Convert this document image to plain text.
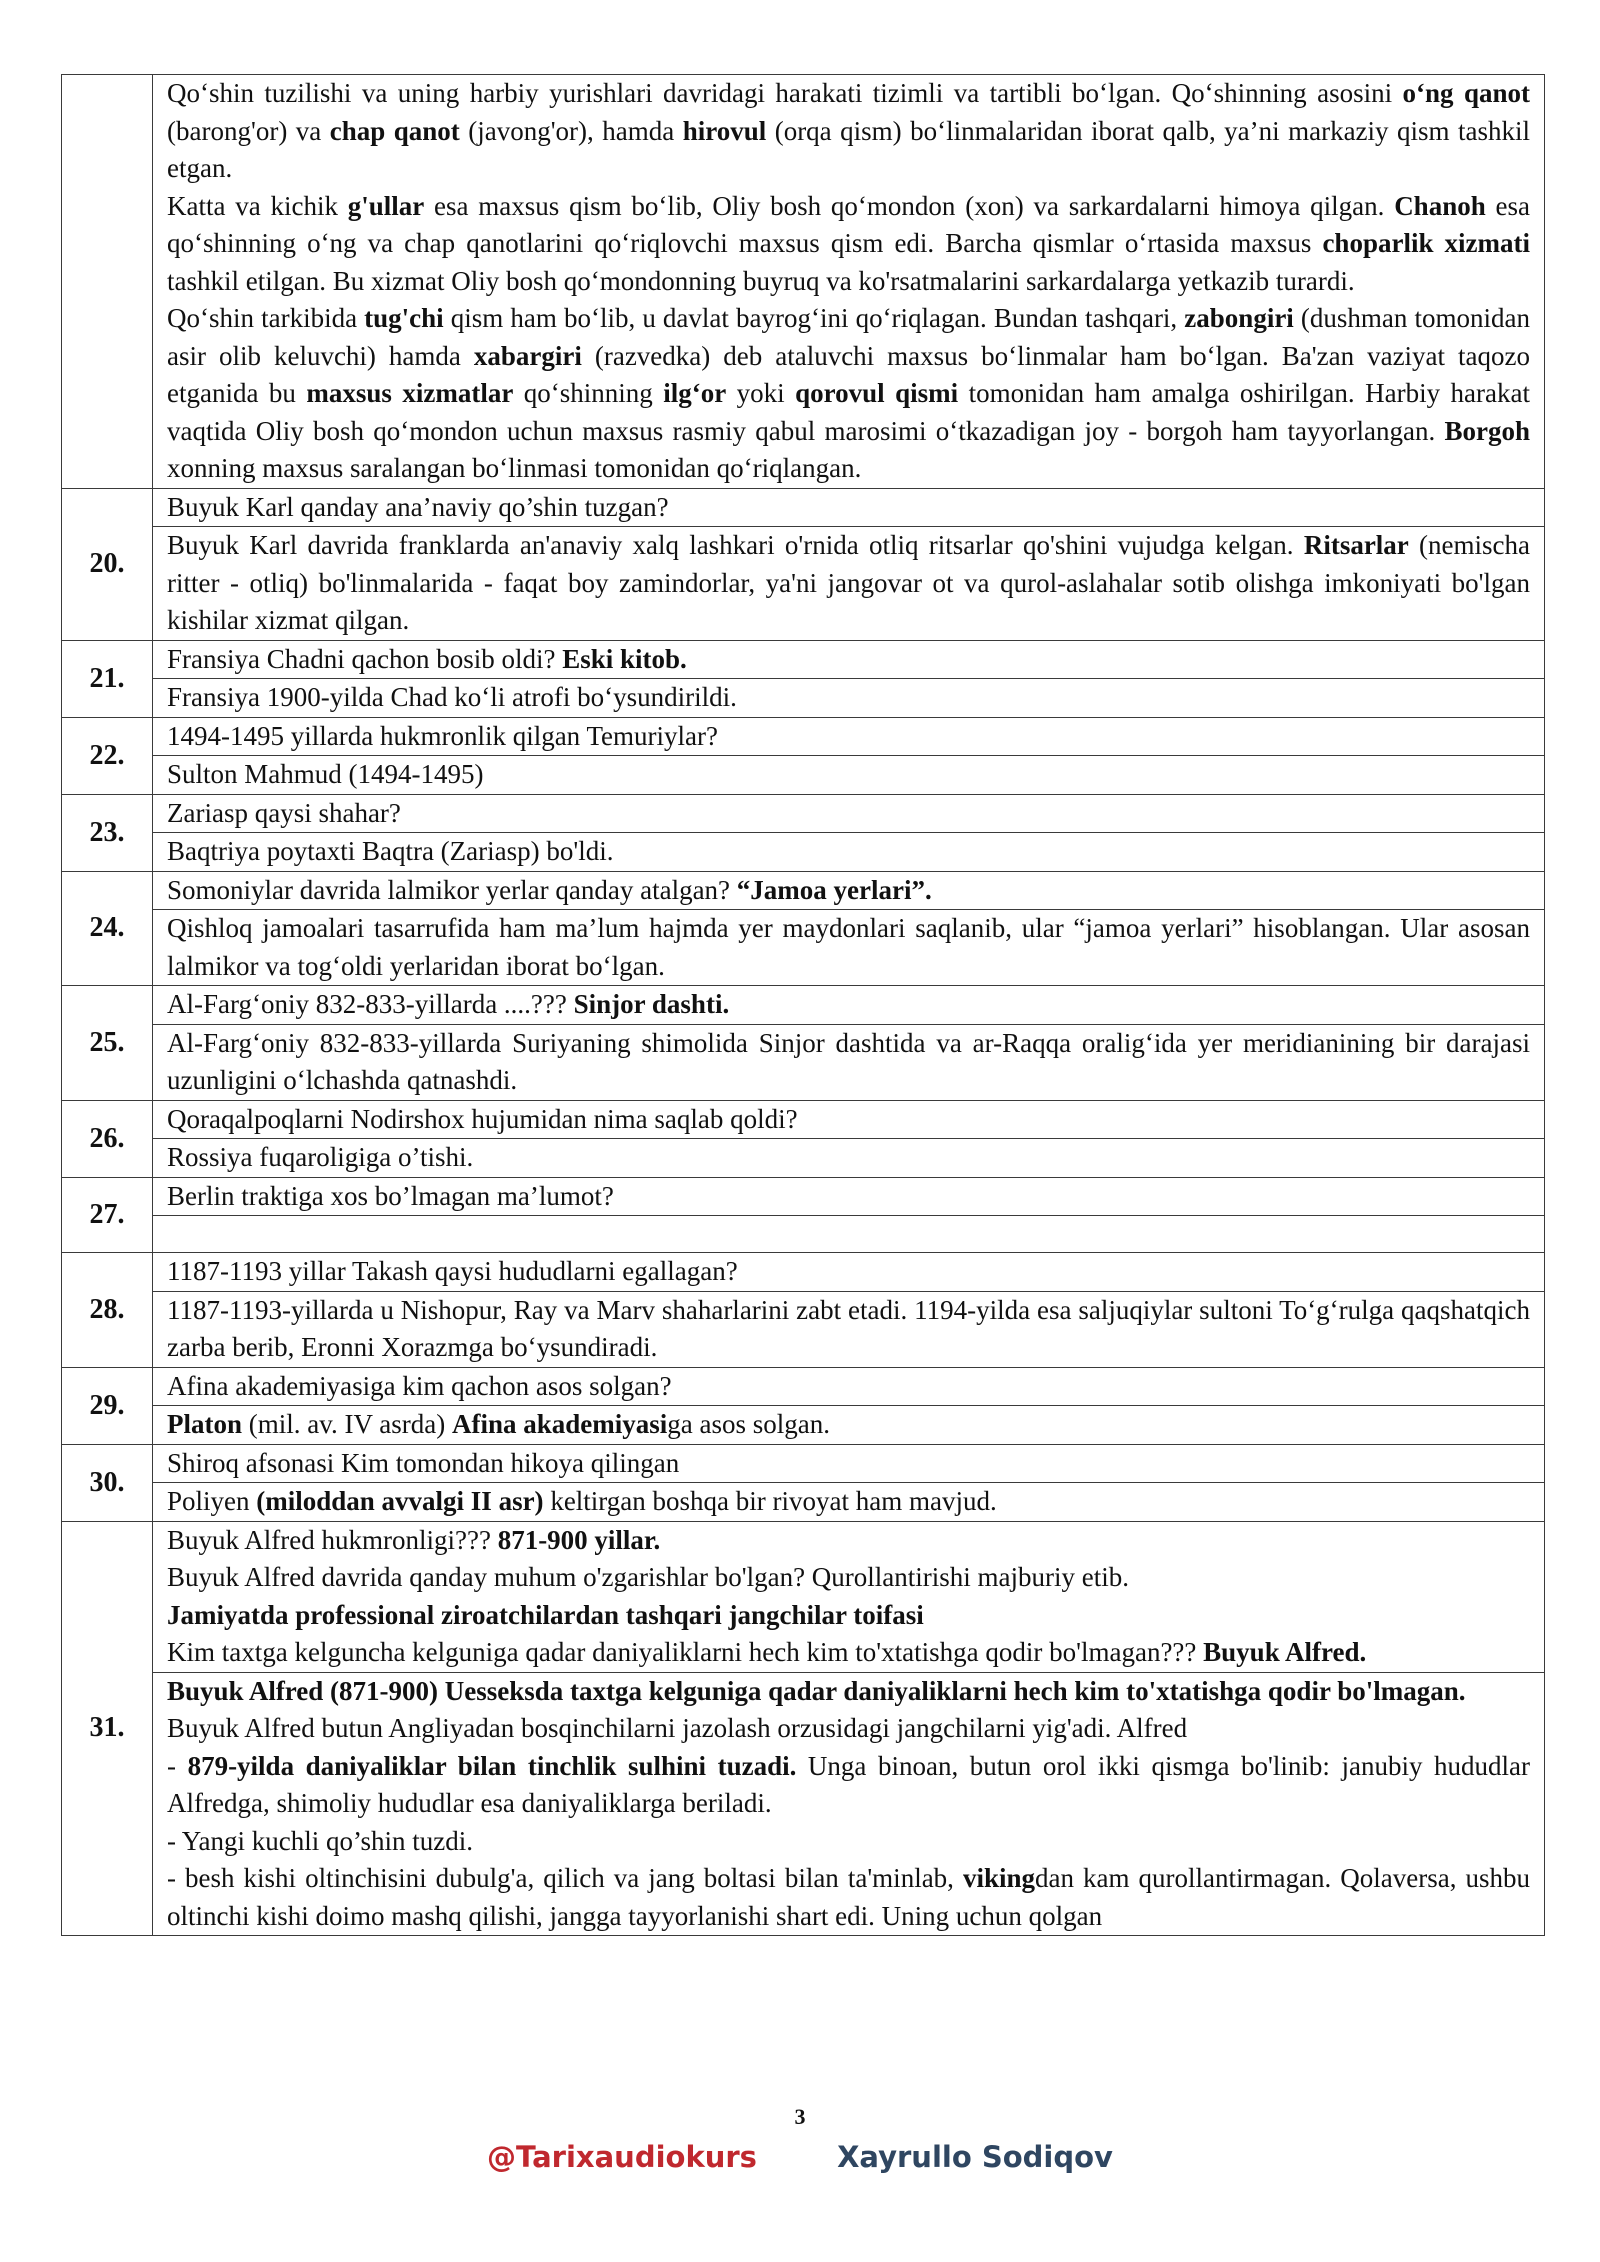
	Qo‘shin tuzilishi va uning harbiy yurishlari davridagi harakati tizimli va tartibli bo‘lgan. Qo‘shinning asosini o‘ng qanot (barong'or) va chap qanot (javong'or), hamda hirovul (orqa qism) bo‘linmalaridan iborat qalb, ya’ni markaziy qism tashkil etgan.
Katta va kichik g'ullar esa maxsus qism bo‘lib, Oliy bosh qo‘mondon (xon) va sarkardalarni himoya qilgan. Chanoh esa qo‘shinning o‘ng va chap qanotlarini qo‘riqlovchi maxsus qism edi. Barcha qismlar o‘rtasida maxsus choparlik xizmati tashkil etilgan. Bu xizmat Oliy bosh qo‘mondonning buyruq va ko'rsatmalarini sarkardalarga yetkazib turardi.
Qo‘shin tarkibida tug'chi qism ham bo‘lib, u davlat bayrog‘ini qo‘riqlagan. Bundan tashqari, zabongiri (dushman tomonidan asir olib keluvchi) hamda xabargiri (razvedka) deb ataluvchi maxsus bo‘linmalar ham bo‘lgan. Ba'zan vaziyat taqozo etganida bu maxsus xizmatlar qo‘shinning ilg‘or yoki qorovul qismi tomonidan ham amalga oshirilgan. Harbiy harakat vaqtida Oliy bosh qo‘mondon uchun maxsus rasmiy qabul marosimi o‘tkazadigan joy - borgoh ham tayyorlangan. Borgoh xonning maxsus saralangan bo‘linmasi tomonidan qo‘riqlangan.

20.	Buyuk Karl qanday ana’naviy qo’shin tuzgan?

	Buyuk Karl davrida franklarda an'anaviy xalq lashkari o'rnida otliq ritsarlar qo'shini vujudga kelgan. Ritsarlar (nemischa ritter - otliq) bo'linmalarida - faqat boy zamindorlar, ya'ni jangovar ot va qurol-aslahalar sotib olishga imkoniyati bo'lgan kishilar xizmat qilgan.

21.	Fransiya Chadni qachon bosib oldi? Eski kitob.

	Fransiya 1900-yilda Chad ko‘li atrofi bo‘ysundirildi.

22.	1494-1495 yillarda hukmronlik qilgan Temuriylar?

	Sulton Mahmud (1494-1495)

23.	Zariasp qaysi shahar?

	Baqtriya poytaxti Baqtra (Zariasp) bo'ldi.

24.	Somoniylar davrida lalmikor yerlar qanday atalgan? “Jamoa yerlari”.

	Qishloq jamoalari tasarrufida ham ma’lum hajmda yer maydonlari saqlanib, ular “jamoa yerlari” hisoblangan. Ular asosan lalmikor va tog‘oldi yerlaridan iborat bo‘lgan.

25.	Al-Farg‘oniy 832-833-yillarda ....??? Sinjor dashti.

	Al-Farg‘oniy 832-833-yillarda Suriyaning shimolida Sinjor dashtida va ar-Raqqa oralig‘ida yer meridianining bir darajasi uzunligini o‘lchashda qatnashdi.

26.	Qoraqalpoqlarni Nodirshox hujumidan nima saqlab qoldi?

	Rossiya fuqaroligiga o’tishi.

27.	Berlin traktiga xos bo’lmagan ma’lumot?

28.	1187-1193 yillar Takash qaysi hududlarni egallagan?

	1187-1193-yillarda u Nishopur, Ray va Marv shaharlarini zabt etadi. 1194-yilda esa saljuqiylar sultoni To‘g‘rulga qaqshatqich zarba berib, Eronni Xorazmga bo‘ysundiradi.

29.	Afina akademiyasiga kim qachon asos solgan?

	Platon (mil. av. IV asrda) Afina akademiyasiga asos solgan.

30.	Shiroq afsonasi Kim tomondan hikoya qilingan

	Poliyen (miloddan avvalgi II asr) keltirgan boshqa bir rivoyat ham mavjud.

31.	Buyuk Alfred hukmronligi??? 871-900 yillar.
Buyuk Alfred davrida qanday muhum o'zgarishlar bo'lgan? Qurollantirishi majburiy etib.
Jamiyatda professional ziroatchilardan tashqari jangchilar toifasi
Kim taxtga kelguncha kelguniga qadar daniyaliklarni hech kim to'xtatishga qodir bo'lmagan??? Buyuk Alfred.

	Buyuk Alfred (871-900) Uesseksda taxtga kelguniga qadar daniyaliklarni hech kim to'xtatishga qodir bo'lmagan.
Buyuk Alfred butun Angliyadan bosqinchilarni jazolash orzusidagi jangchilarni yig'adi. Alfred
- 879-yilda daniyaliklar bilan tinchlik sulhini tuzadi. Unga binoan, butun orol ikki qismga bo'linib: janubiy hududlar Alfredga, shimoliy hududlar esa daniyaliklarga beriladi.
- Yangi kuchli qo’shin tuzdi.
- besh kishi oltinchisini dubulg'a, qilich va jang boltasi bilan ta'minlab, vikingdan kam qurollantirmagan. Qolaversa, ushbu oltinchi kishi doimo mashq qilishi, jangga tayyorlanishi shart edi. Uning uchun qolgan
3
@Tarixaudiokurs	Xayrullo Sodiqov
